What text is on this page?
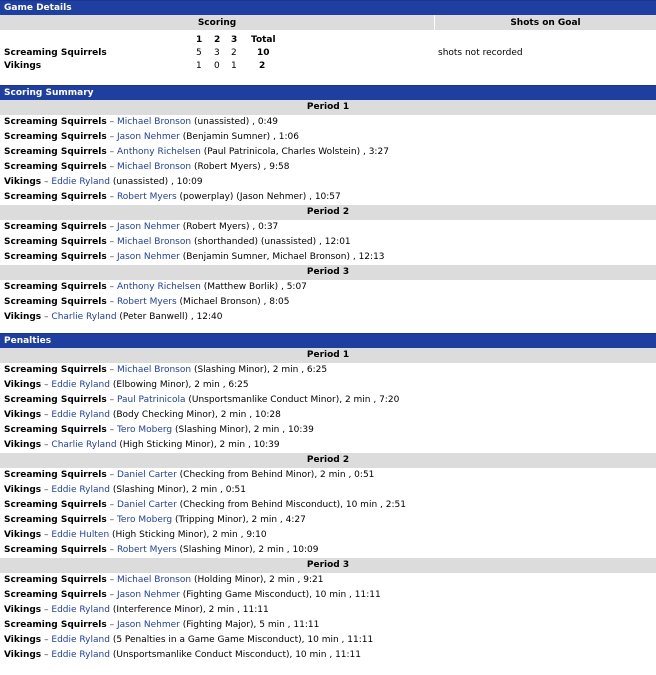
Game Details
Scoring	Shots on Goal
1 2 3 Total
Screaming Squirrels	5 3 2 10
Vikings	1 0 1 2
shots not recorded
Scoring Summary
Period 1
Screaming Squirrels – Michael Bronson (unassisted) , 0:49
Screaming Squirrels – Jason Nehmer (Benjamin Sumner) , 1:06
Screaming Squirrels – Anthony Richelsen (Paul Patrinicola, Charles Wolstein) , 3:27
Screaming Squirrels – Michael Bronson (Robert Myers) , 9:58
Vikings – Eddie Ryland (unassisted) , 10:09
Screaming Squirrels – Robert Myers (powerplay) (Jason Nehmer) , 10:57
Period 2
Screaming Squirrels – Jason Nehmer (Robert Myers) , 0:37
Screaming Squirrels – Michael Bronson (shorthanded) (unassisted) , 12:01
Screaming Squirrels – Jason Nehmer (Benjamin Sumner, Michael Bronson) , 12:13
Period 3
Screaming Squirrels – Anthony Richelsen (Matthew Borlik) , 5:07
Screaming Squirrels – Robert Myers (Michael Bronson) , 8:05
Vikings – Charlie Ryland (Peter Banwell) , 12:40
Penalties
Period 1
Screaming Squirrels – Michael Bronson (Slashing Minor), 2 min , 6:25
Vikings – Eddie Ryland (Elbowing Minor), 2 min , 6:25
Screaming Squirrels – Paul Patrinicola (Unsportsmanlike Conduct Minor), 2 min , 7:20
Vikings – Eddie Ryland (Body Checking Minor), 2 min , 10:28
Screaming Squirrels – Tero Moberg (Slashing Minor), 2 min , 10:39
Vikings – Charlie Ryland (High Sticking Minor), 2 min , 10:39
Period 2
Screaming Squirrels – Daniel Carter (Checking from Behind Minor), 2 min , 0:51
Vikings – Eddie Ryland (Slashing Minor), 2 min , 0:51
Screaming Squirrels – Daniel Carter (Checking from Behind Misconduct), 10 min , 2:51
Screaming Squirrels – Tero Moberg (Tripping Minor), 2 min , 4:27
Vikings – Eddie Hulten (High Sticking Minor), 2 min , 9:10
Screaming Squirrels – Robert Myers (Slashing Minor), 2 min , 10:09
Period 3
Screaming Squirrels – Michael Bronson (Holding Minor), 2 min , 9:21
Screaming Squirrels – Jason Nehmer (Fighting Game Misconduct), 10 min , 11:11
Vikings – Eddie Ryland (Interference Minor), 2 min , 11:11
Screaming Squirrels – Jason Nehmer (Fighting Major), 5 min , 11:11
Vikings – Eddie Ryland (5 Penalties in a Game Game Misconduct), 10 min , 11:11
Vikings – Eddie Ryland (Unsportsmanlike Conduct Misconduct), 10 min , 11:11
